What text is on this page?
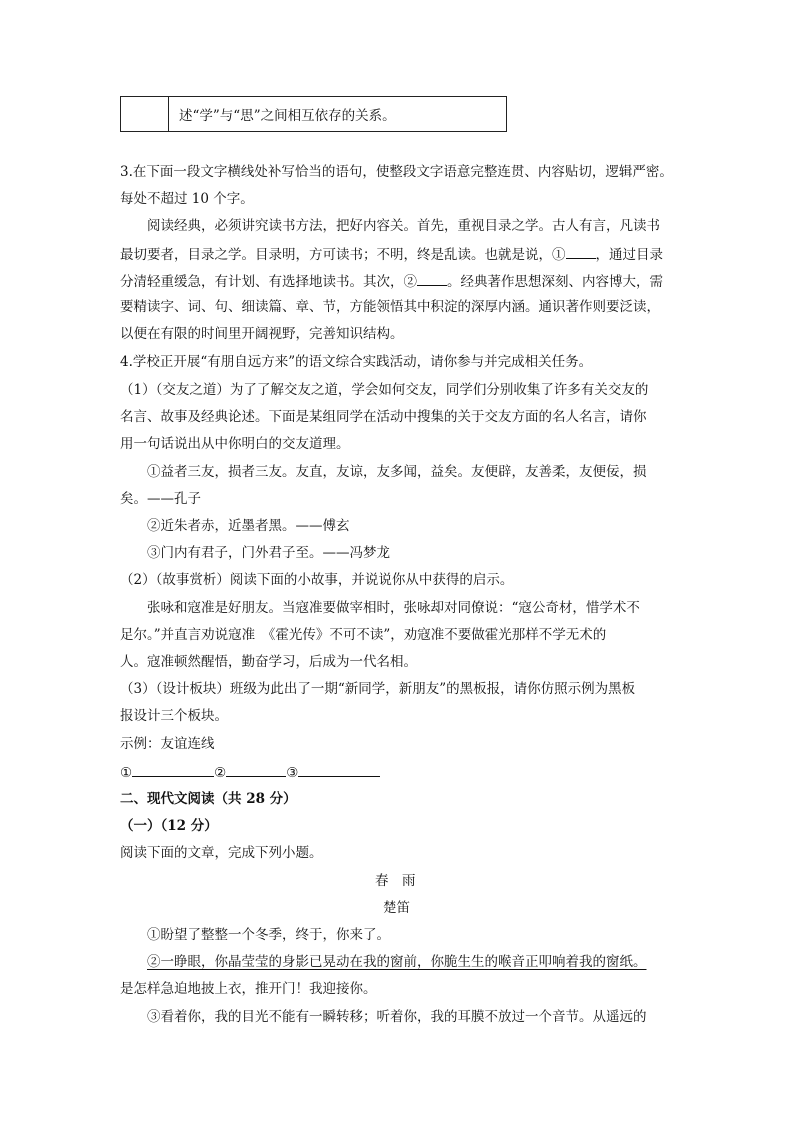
述“学”与“思”之间相互依存的关系。
3.在下面一段文字横线处补写恰当的语句，使整段文字语意完整连贯、内容贴切，逻辑严密。
每处不超过 10 个字。
阅读经典，必须讲究读书方法，把好内容关。首先，重视目录之学。古人有言，凡读书
最切要者，目录之学。目录明，方可读书；不明，终是乱读。也就是说，① ，通过目录
分清轻重缓急，有计划、有选择地读书。其次，② 。经典著作思想深刻、内容博大，需
要精读字、词、句、细读篇、章、节，方能领悟其中积淀的深厚内涵。通识著作则要泛读，
以便在有限的时间里开阔视野，完善知识结构。
4.学校正开展“有朋自远方来”的语文综合实践活动，请你参与并完成相关任务。
（1）（交友之道）为了了解交友之道，学会如何交友，同学们分别收集了许多有关交友的
名言、故事及经典论述。下面是某组同学在活动中搜集的关于交友方面的名人名言，请你
用一句话说出从中你明白的交友道理。
①益者三友，损者三友。友直，友谅，友多闻，益矣。友便辟，友善柔，友便佞，损
矣。——孔子
②近朱者赤，近墨者黑。——傅玄
③门内有君子，门外君子至。——冯梦龙
（2）（故事赏析）阅读下面的小故事，并说说你从中获得的启示。
张咏和寇准是好朋友。当寇准要做宰相时，张咏却对同僚说：“寇公奇材，惜学术不
足尔。”并直言劝说寇准　《霍光传》不可不读”，劝寇准不要做霍光那样不学无术的
人。寇准顿然醒悟，勤奋学习，后成为一代名相。
（3）（设计板块）班级为此出了一期“新同学，新朋友”的黑板报，请你仿照示例为黑板
报设计三个板块。
示例：友谊连线
①	②	③
二、现代文阅读（共 28 分）
（一）（12 分）
阅读下面的文章，完成下列小题。
春　雨
楚笛
①盼望了整整一个冬季，终于，你来了。
②一睁眼，你晶莹莹的身影已晃动在我的窗前，你脆生生的喉音正叩响着我的窗纸。
是怎样急迫地披上衣，推开门！我迎接你。
③看着你，我的目光不能有一瞬转移；听着你，我的耳膜不放过一个音节。从遥远的
